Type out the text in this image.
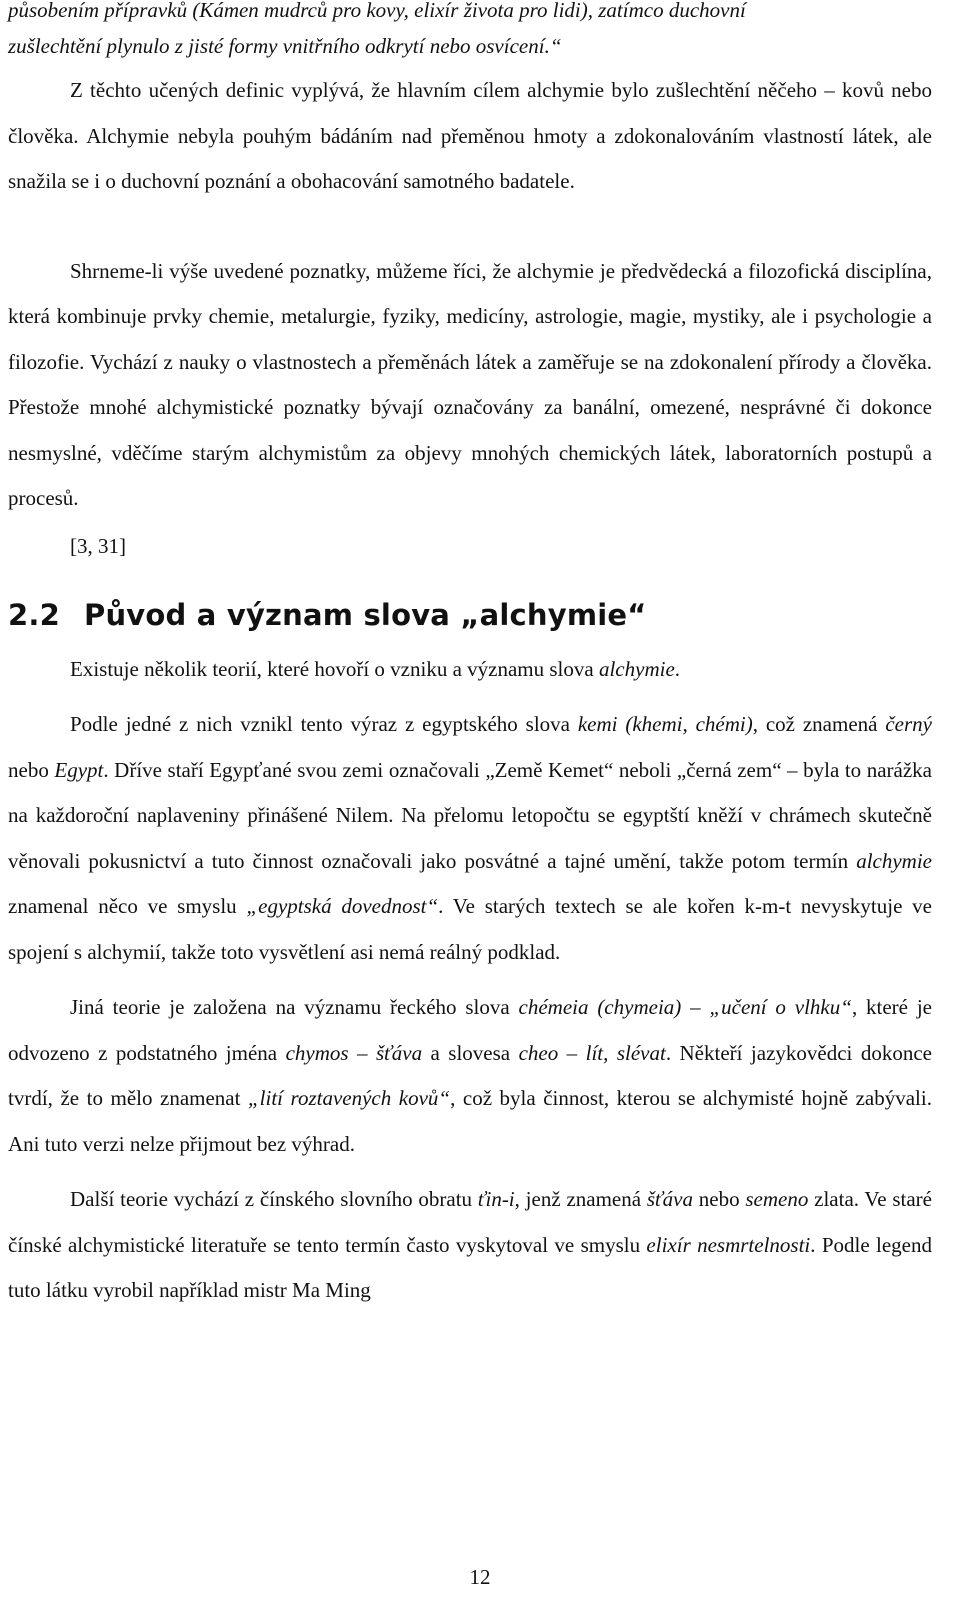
působením přípravků (Kámen mudrců pro kovy, elixír života pro lidi), zatímco duchovní
zušlechtění plynulo z jisté formy vnitřního odkrytí nebo osvícení.“

Z těchto učených definic vyplývá, že hlavním cílem alchymie bylo zušlechtění něčeho – kovů nebo člověka. Alchymie nebyla pouhým bádáním nad přeměnou hmoty a zdokonalováním vlastností látek, ale snažila se i o duchovní poznání a obohacování samotného badatele.

Shrneme-li výše uvedené poznatky, můžeme říci, že alchymie je předvědecká a filozofická disciplína, která kombinuje prvky chemie, metalurgie, fyziky, medicíny, astrologie, magie, mystiky, ale i psychologie a filozofie. Vychází z nauky o vlastnostech a přeměnách látek a zaměřuje se na zdokonalení přírody a člověka. Přestože mnohé alchymistické poznatky bývají označovány za banální, omezené, nesprávné či dokonce nesmyslné, vděčíme starým alchymistům za objevy mnohých chemických látek, laboratorních postupů a procesů.

[3, 31]

2.2 Původ a význam slova „alchymie“

Existuje několik teorií, které hovoří o vzniku a významu slova alchymie.

Podle jedné z nich vznikl tento výraz z egyptského slova kemi (khemi, chémi), což znamená černý nebo Egypt. Dříve staří Egypťané svou zemi označovali „Země Kemet“ neboli „černá zem“ – byla to narážka na každoroční naplaveniny přinášené Nilem. Na přelomu letopočtu se egyptští kněží v chrámech skutečně věnovali pokusnictví a tuto činnost označovali jako posvátné a tajné umění, takže potom termín alchymie znamenal něco ve smyslu „egyptská dovednost“. Ve starých textech se ale kořen k-m-t nevyskytuje ve spojení s alchymií, takže toto vysvětlení asi nemá reálný podklad.

Jiná teorie je založena na významu řeckého slova chémeia (chymeia) – „učení o vlhku“, které je odvozeno z podstatného jména chymos – šťáva a slovesa cheo – lít, slévat. Někteří jazykovědci dokonce tvrdí, že to mělo znamenat „lití roztavených kovů“, což byla činnost, kterou se alchymisté hojně zabývali. Ani tuto verzi nelze přijmout bez výhrad.

Další teorie vychází z čínského slovního obratu ťin-i, jenž znamená šťáva nebo semeno zlata. Ve staré čínské alchymistické literatuře se tento termín často vyskytoval ve smyslu elixír nesmrtelnosti. Podle legend tuto látku vyrobil například mistr Ma Ming

12
